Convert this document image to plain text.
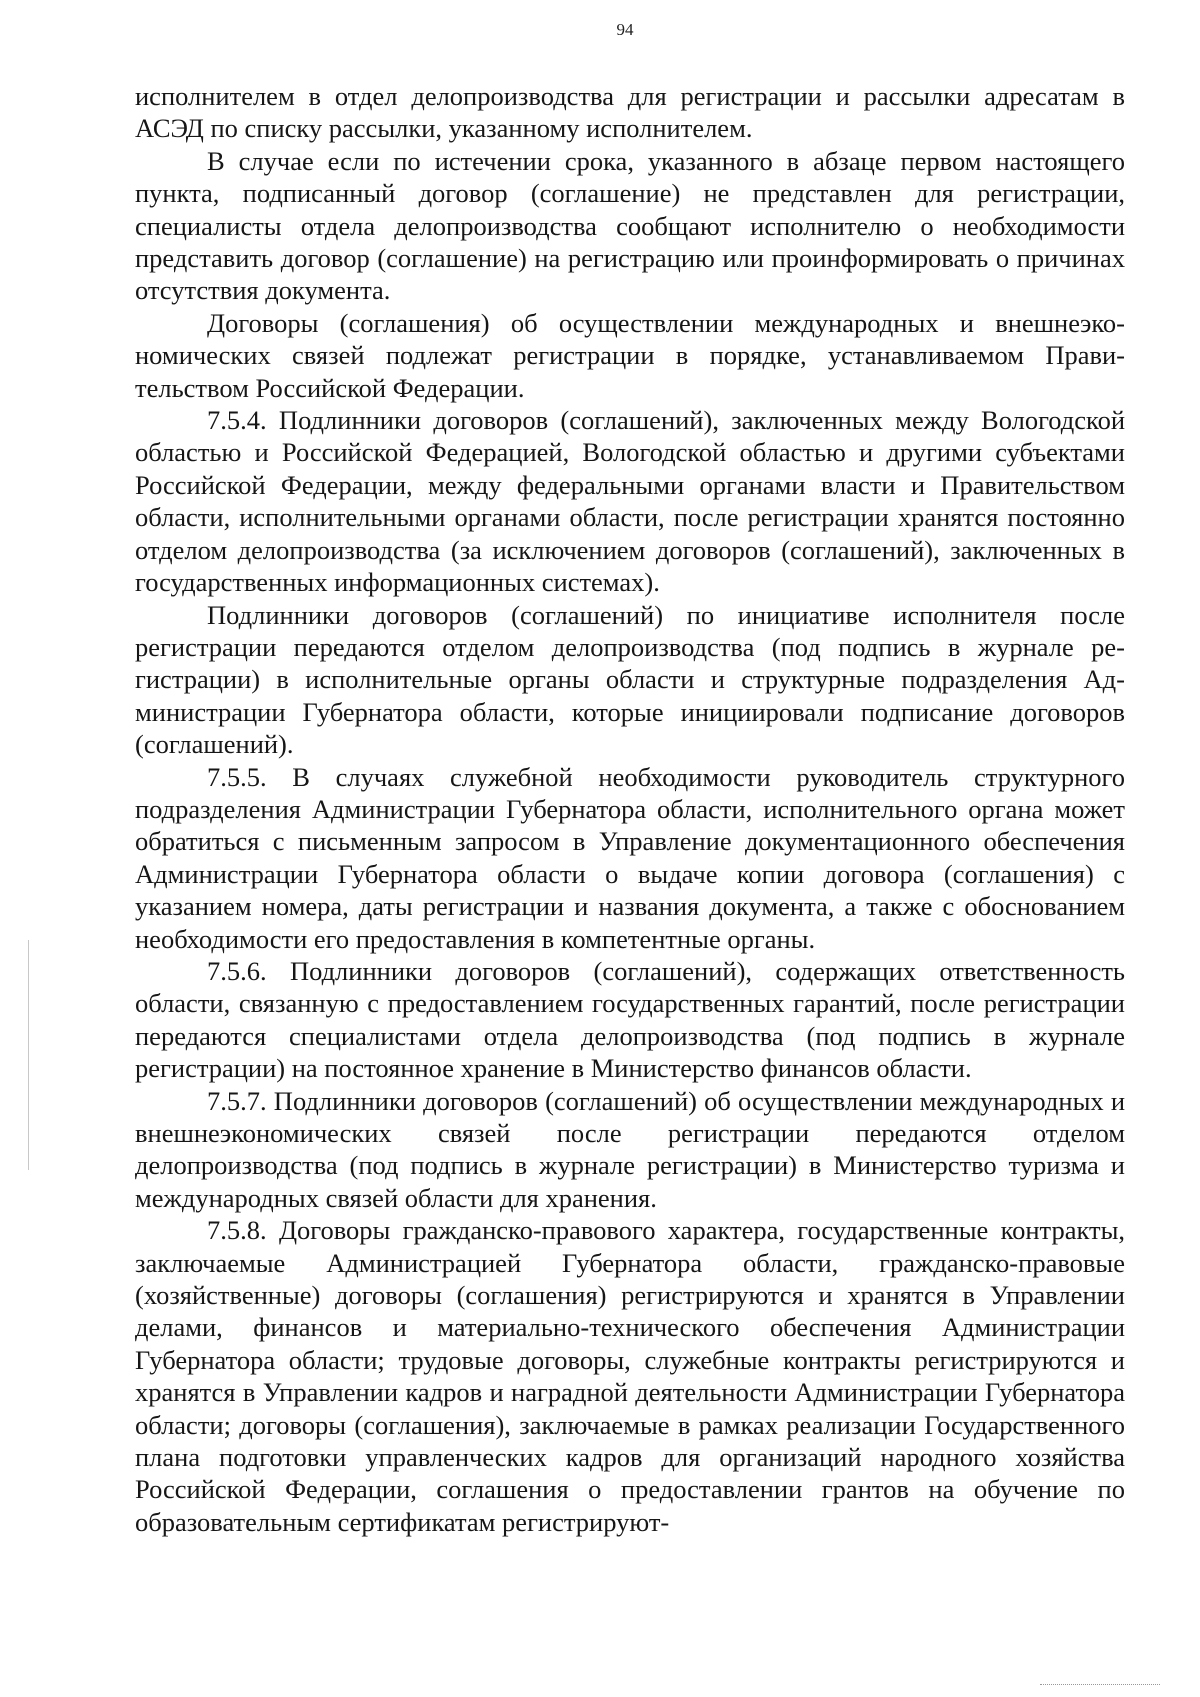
94

исполнителем в отдел делопроизводства для регистрации и рассылки адресатам в АСЭД по списку рассылки, указанному исполнителем.

В случае если по истечении срока, указанного в абзаце первом настоящего пункта, подписанный договор (соглашение) не представлен для регистрации, специалисты отдела делопроизводства сообщают исполнителю о необходимости представить договор (соглашение) на регистрацию или проинформировать о причинах отсутствия документа.

Договоры (соглашения) об осуществлении международных и внешнеэкономических связей подлежат регистрации в порядке, устанавливаемом Правительством Российской Федерации.

7.5.4. Подлинники договоров (соглашений), заключенных между Вологодской областью и Российской Федерацией, Вологодской областью и другими субъектами Российской Федерации, между федеральными органами власти и Правительством области, исполнительными органами области, после регистрации хранятся постоянно отделом делопроизводства (за исключением договоров (соглашений), заключенных в государственных информационных системах).

Подлинники договоров (соглашений) по инициативе исполнителя после регистрации передаются отделом делопроизводства (под подпись в журнале регистрации) в исполнительные органы области и структурные подразделения Администрации Губернатора области, которые инициировали подписание договоров (соглашений).

7.5.5. В случаях служебной необходимости руководитель структурного подразделения Администрации Губернатора области, исполнительного органа может обратиться с письменным запросом в Управление документационного обеспечения Администрации Губернатора области о выдаче копии договора (соглашения) с указанием номера, даты регистрации и названия документа, а также с обоснованием необходимости его предоставления в компетентные органы.

7.5.6. Подлинники договоров (соглашений), содержащих ответственность области, связанную с предоставлением государственных гарантий, после регистрации передаются специалистами отдела делопроизводства (под подпись в журнале регистрации) на постоянное хранение в Министерство финансов области.

7.5.7. Подлинники договоров (соглашений) об осуществлении международных и внешнеэкономических связей после регистрации передаются отделом делопроизводства (под подпись в журнале регистрации) в Министерство туризма и международных связей области для хранения.

7.5.8. Договоры гражданско-правового характера, государственные контракты, заключаемые Администрацией Губернатора области, гражданско-правовые (хозяйственные) договоры (соглашения) регистрируются и хранятся в Управлении делами, финансов и материально-технического обеспечения Администрации Губернатора области; трудовые договоры, служебные контракты регистрируются и хранятся в Управлении кадров и наградной деятельности Администрации Губернатора области; договоры (соглашения), заключаемые в рамках реализации Государственного плана подготовки управленческих кадров для организаций народного хозяйства Российской Федерации, соглашения о предоставлении грантов на обучение по образовательным сертификатам регистрируют-
